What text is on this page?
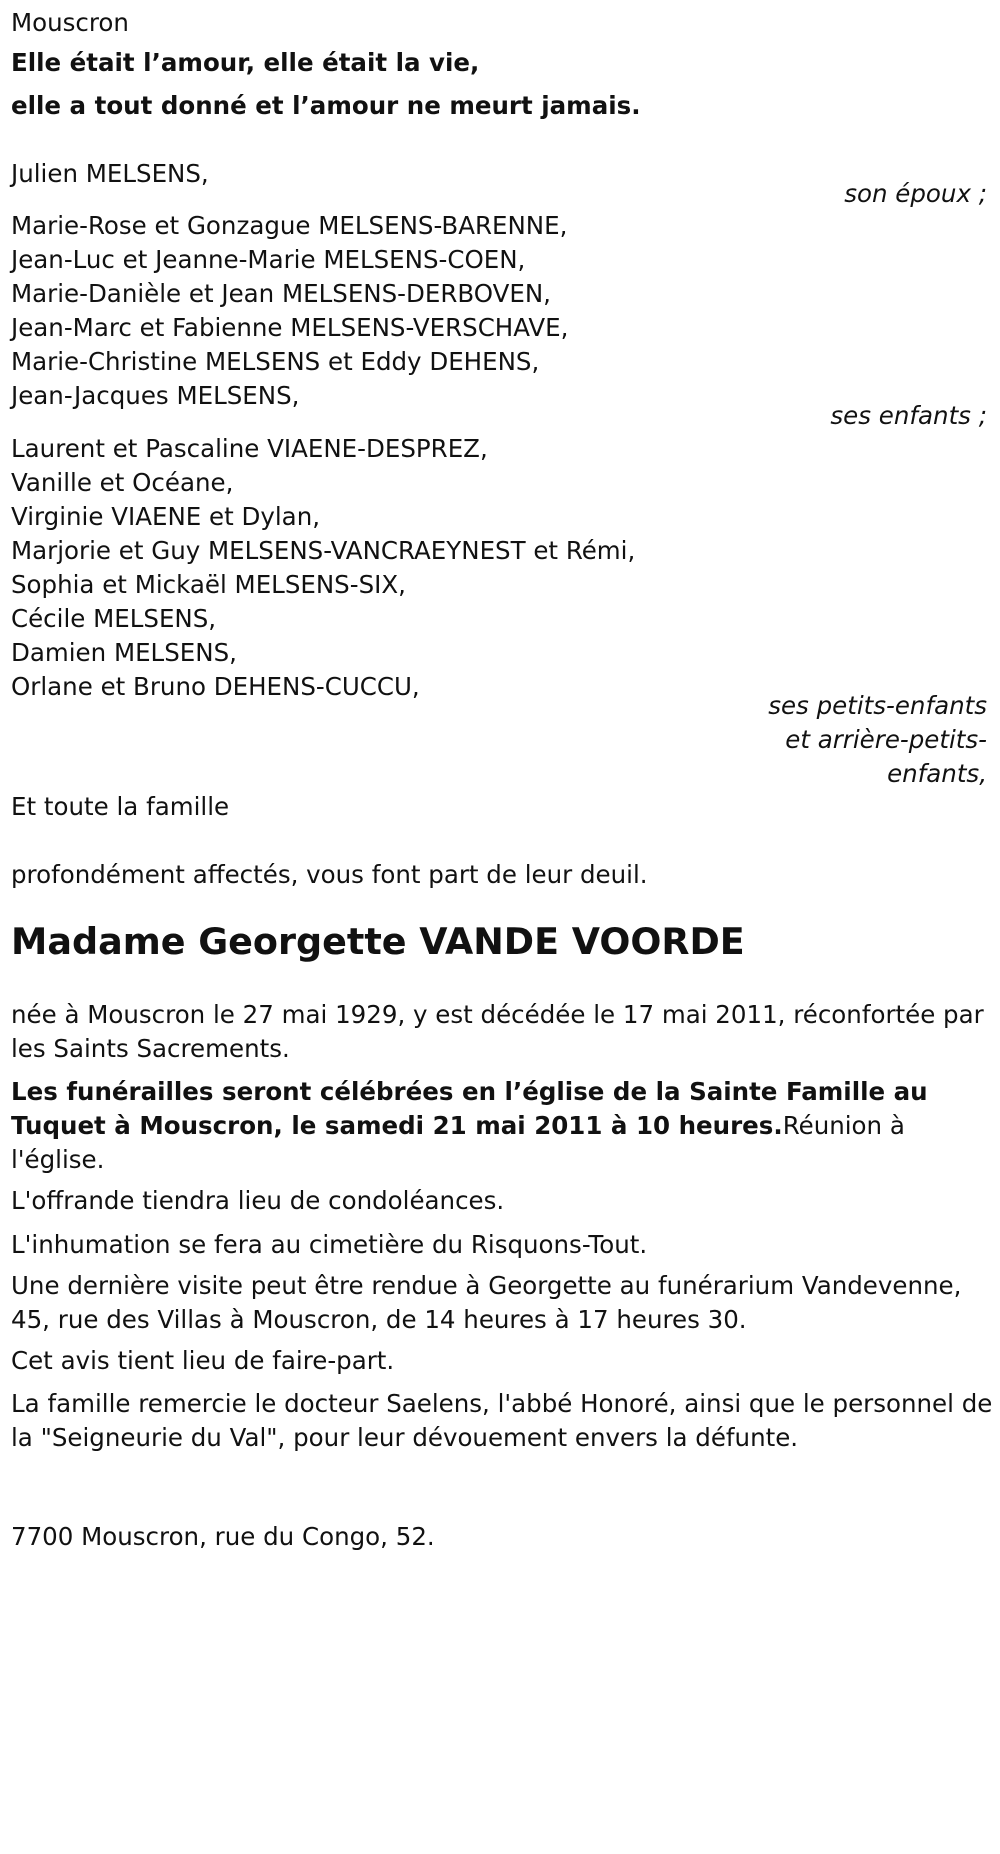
Mouscron
Elle était l’amour, elle était la vie,
elle a tout donné et l’amour ne meurt jamais.
Julien MELSENS,
son époux ;
Marie-Rose et Gonzague MELSENS-BARENNE,
Jean-Luc et Jeanne-Marie MELSENS-COEN,
Marie-Danièle et Jean MELSENS-DERBOVEN,
Jean-Marc et Fabienne MELSENS-VERSCHAVE,
Marie-Christine MELSENS et Eddy DEHENS,
Jean-Jacques MELSENS,
ses enfants ;
Laurent et Pascaline VIAENE-DESPREZ,
Vanille et Océane,
Virginie VIAENE et Dylan,
Marjorie et Guy MELSENS-VANCRAEYNEST et Rémi,
Sophia et Mickaël MELSENS-SIX,
Cécile MELSENS,
Damien MELSENS,
Orlane et Bruno DEHENS-CUCCU,
ses petits-enfants
et arrière-petits-
enfants,
Et toute la famille
profondément affectés, vous font part de leur deuil.
Madame Georgette VANDE VOORDE
née à Mouscron le 27 mai 1929, y est décédée le 17 mai 2011, réconfortée par les Saints Sacrements.
Les funérailles seront célébrées en l’église de la Sainte Famille au Tuquet à Mouscron, le samedi 21 mai 2011 à 10 heures.Réunion à l'église.
L'offrande tiendra lieu de condoléances.
L'inhumation se fera au cimetière du Risquons-Tout.
Une dernière visite peut être rendue à Georgette au funérarium Vandevenne, 45, rue des Villas à Mouscron, de 14 heures à 17 heures 30.
Cet avis tient lieu de faire-part.
La famille remercie le docteur Saelens, l'abbé Honoré, ainsi que le personnel de la "Seigneurie du Val", pour leur dévouement envers la défunte.
7700 Mouscron, rue du Congo, 52.
